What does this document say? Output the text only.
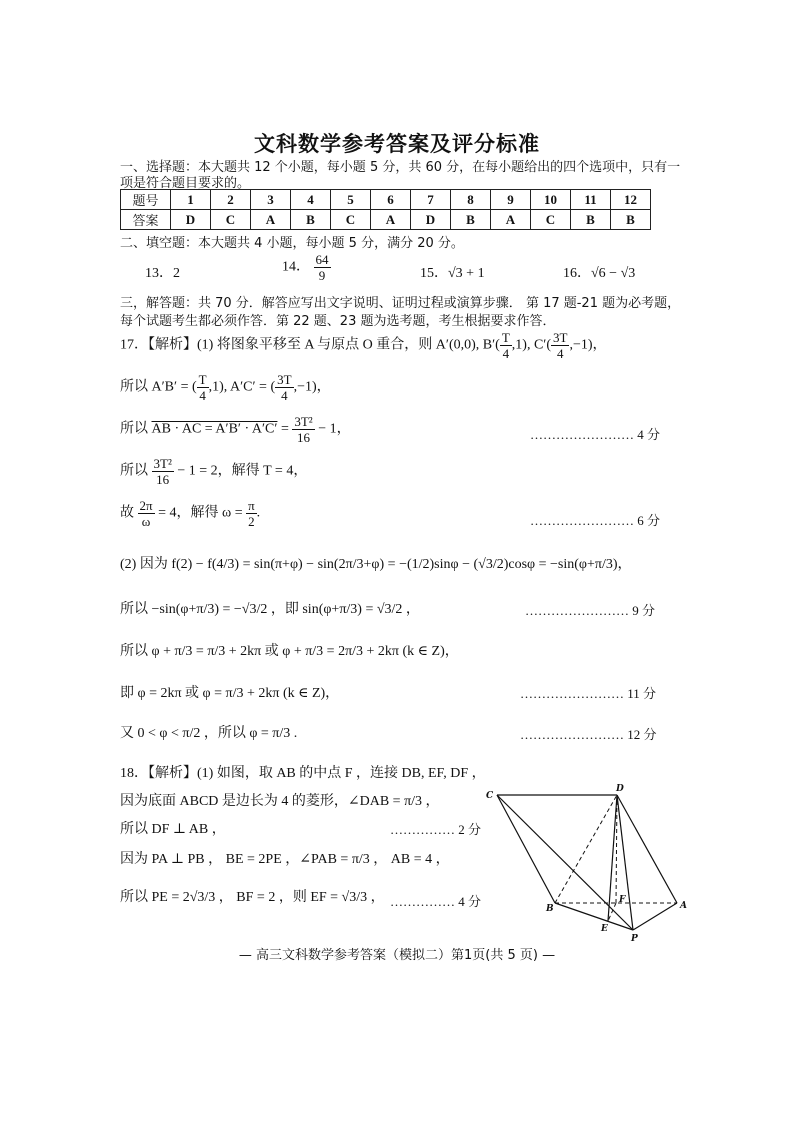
文科数学参考答案及评分标准
一、选择题：本大题共 12 个小题，每小题 5 分，共 60 分，在每小题给出的四个选项中，只有一
项是符合题目要求的。
题号	1	2	3	4	5	6	7	8	9	10	11	12
答案	D	C	A	B	C	A	D	B	A	C	B	B
二、填空题：本大题共 4 小题，每小题 5 分，满分 20 分。
13．2	14． $\frac{64}{9}$	15．√3 + 1	16．√6 − √3
三，解答题：共 70 分．解答应写出文字说明、证明过程或演算步骤． 第 17 题-21 题为必考题，
每个试题考生都必须作答．第 22 题、23 题为选考题，考生根据要求作答．
17．【解析】(1) 将图象平移至 A 与原点 O 重合，则 A′(0,0), $B'( \frac{T}{4} ,1)$, $C'( \frac{3T}{4} ,-1)$，
所以 A′B′ = ( $\frac{T}{4} ,1$), A′C′ = ( $\frac{3T}{4} ,-1$)，
所以 AB · AC = $A'B' \cdot A'C' = \frac{\text{3T²}}{16} - 1$，	…………………… 4 分
所以 $\frac{\text{3T²}}{16} - 1 = 2$，解得 T = 4，
故 $\frac{2\pi}{\omega} = 4$，解得 $\omega = \frac{\pi}{2}$ .	…………………… 6 分
(2) 因为 f(2) − f(4/3) = sin(π+φ) − sin(2π/3+φ) = −(1/2)sinφ − (√3/2)cosφ = −sin(φ+π/3)，
所以 −sin(φ+π/3) = −√3/2 ，即 sin(φ+π/3) = √3/2 ，	…………………… 9 分
所以 φ + π/3 = π/3 + 2kπ 或 φ + π/3 = 2π/3 + 2kπ (k ∈ Z)，
即 φ = 2kπ 或 φ = π/3 + 2kπ (k ∈ Z)，	…………………… 11 分
又 0 < φ < π/2 ，所以 φ = π/3 .	…………………… 12 分
18．【解析】(1) 如图，取 AB 的中点 F ，连接 DB, EF, DF ，
因为底面 ABCD 是边长为 4 的菱形，∠DAB = π/3 ，
所以 DF ⊥ AB ，	…………… 2 分
因为 PA ⊥ PB ， BE = 2PE ，∠PAB = π/3 ， AB = 4 ，
所以 PE = 2√3/3 ， BF = 2 ，则 EF = √3/3 ， …………… 4 分
C
D
B
F
E
A
P
— 高三文科数学参考答案（模拟二）第1页(共 5 页) —
